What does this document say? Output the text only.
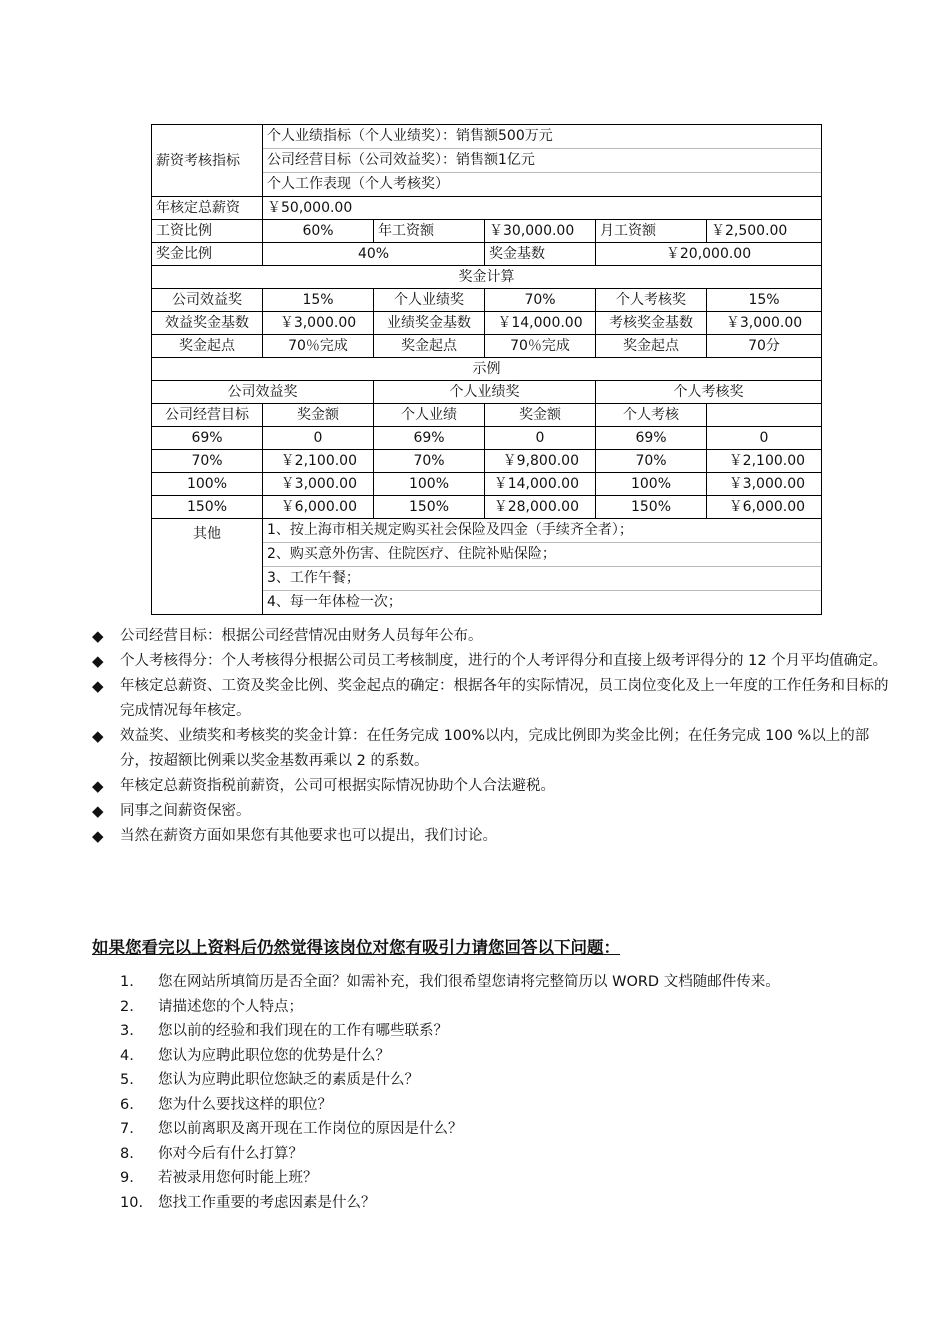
薪资考核指标	个人业绩指标（个人业绩奖）：销售额500万元
公司经营目标（公司效益奖）：销售额1亿元
个人工作表现（个人考核奖）				

年核定总薪资	￥50,000.00				
工资比例	60%	年工资额	￥30,000.00	月工资额	￥2,500.00
奖金比例	40%		奖金基数	￥20,000.00	
奖金计算					
公司效益奖	15%	个人业绩奖	70%	个人考核奖	15%
效益奖金基数	￥3,000.00	业绩奖金基数	￥14,000.00	考核奖金基数	￥3,000.00
奖金起点	70％完成	奖金起点	70％完成	奖金起点	70分
示例					
公司效益奖		个人业绩奖		个人考核奖	
公司经营目标	奖金额	个人业绩	奖金额	个人考核	
69%	0	69%	0	69%	0
70%	￥2,100.00	70%	￥9,800.00	70%	￥2,100.00
100%	￥3,000.00	100%	￥14,000.00	100%	￥3,000.00
150%	￥6,000.00	150%	￥28,000.00	150%	￥6,000.00
其他	1、按上海市相关规定购买社会保险及四金（手续齐全者）；
2、购买意外伤害、住院医疗、住院补贴保险；
3、工作午餐；
4、每一年体检一次；				
◆ 公司经营目标：根据公司经营情况由财务人员每年公布。
◆ 个人考核得分：个人考核得分根据公司员工考核制度，进行的个人考评得分和直接上级考评得分的 12 个月平均值确定。
◆ 年核定总薪资、工资及奖金比例、奖金起点的确定：根据各年的实际情况，员工岗位变化及上一年度的工作任务和目标的完成情况每年核定。
◆ 效益奖、业绩奖和考核奖的奖金计算：在任务完成 100%以内，完成比例即为奖金比例；在任务完成 100 %以上的部分，按超额比例乘以奖金基数再乘以 2 的系数。
◆ 年核定总薪资指税前薪资，公司可根据实际情况协助个人合法避税。
◆ 同事之间薪资保密。
◆ 当然在薪资方面如果您有其他要求也可以提出，我们讨论。
如果您看完以上资料后仍然觉得该岗位对您有吸引力请您回答以下问题：
1.	您在网站所填简历是否全面？如需补充，我们很希望您请将完整简历以 WORD 文档随邮件传来。
2.	请描述您的个人特点；
3.	您以前的经验和我们现在的工作有哪些联系？
4.	您认为应聘此职位您的优势是什么？
5.	您认为应聘此职位您缺乏的素质是什么？
6.	您为什么要找这样的职位？
7.	您以前离职及离开现在工作岗位的原因是什么？
8.	你对今后有什么打算？
9.	若被录用您何时能上班？
10.	您找工作重要的考虑因素是什么？
